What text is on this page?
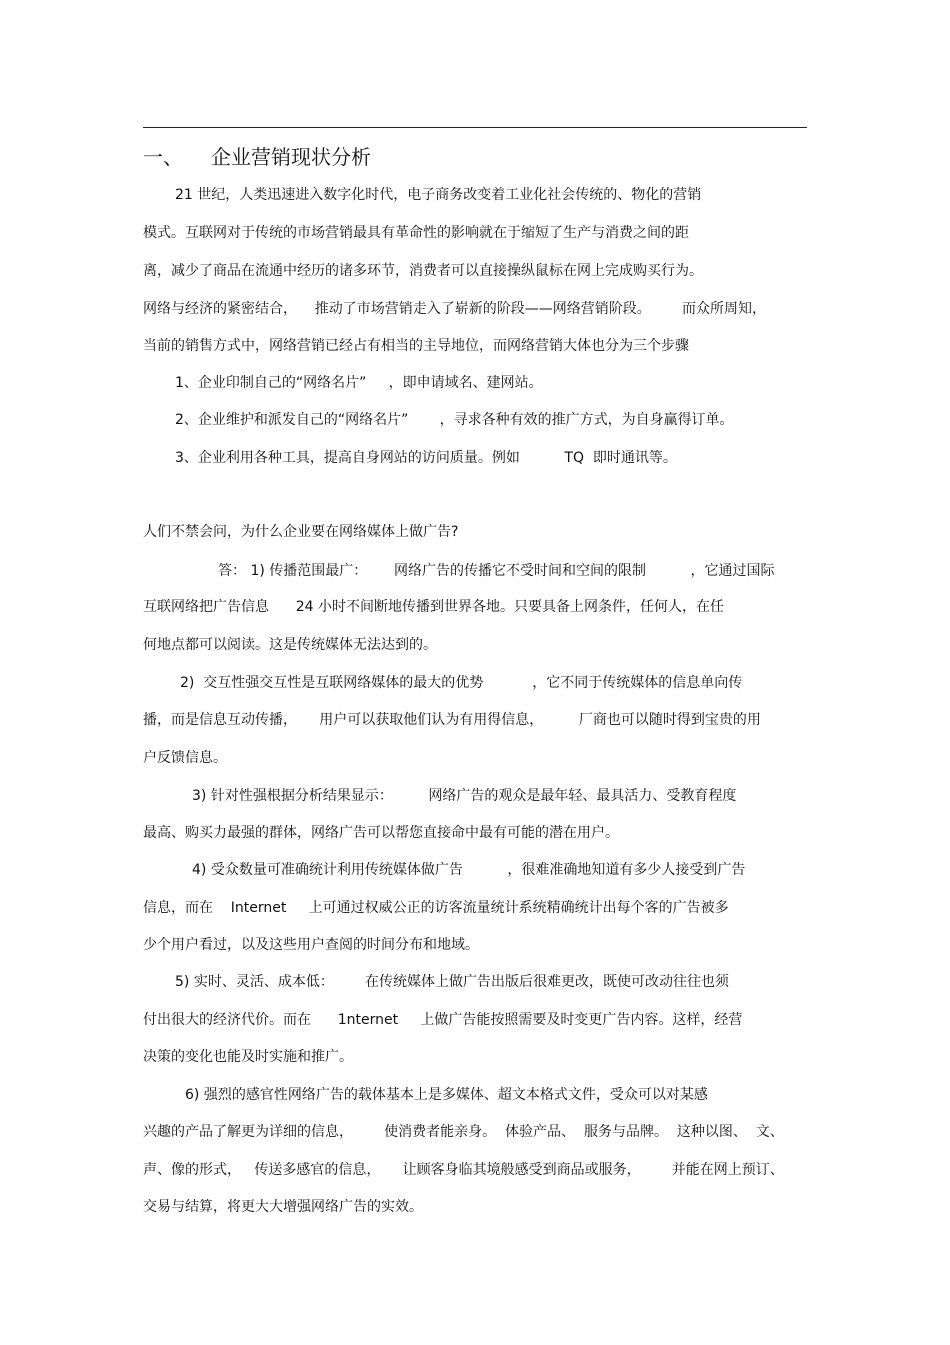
一、 企业营销现状分析
21 世纪，人类迅速进入数字化时代，电子商务改变着工业化社会传统的、物化的营销
模式。互联网对于传统的市场营销最具有革命性的影响就在于缩短了生产与消费之间的距
离，减少了商品在流通中经历的诸多环节，消费者可以直接操纵鼠标在网上完成购买行为。
网络与经济的紧密结合，    推动了市场营销走入了崭新的阶段——网络营销阶段。       而众所周知，
当前的销售方式中，网络营销已经占有相当的主导地位，而网络营销大体也分为三个步骤
1、企业印制自己的“网络名片”     ，即申请域名、建网站。
2、企业维护和派发自己的“网络名片”       ，寻求各种有效的推广方式，为自身赢得订单。
3、企业利用各种工具，提高自身网站的访问质量。例如          TQ  即时通讯等。
人们不禁会问，为什么企业要在网络媒体上做广告?
答： 1) 传播范围最广：      网络广告的传播它不受时间和空间的限制          ，它通过国际
互联网络把广告信息      24 小时不间断地传播到世界各地。只要具备上网条件，任何人，在任
何地点都可以阅读。这是传统媒体无法达到的。
2)  交互性强交互性是互联网络媒体的最大的优势           ，它不同于传统媒体的信息单向传
播，而是信息互动传播，     用户可以获取他们认为有用得信息，        厂商也可以随时得到宝贵的用
户反馈信息。
3) 针对性强根据分析结果显示：        网络广告的观众是最年轻、最具活力、受教育程度
最高、购买力最强的群体，网络广告可以帮您直接命中最有可能的潜在用户。
4) 受众数量可准确统计利用传统媒体做广告          ，很难准确地知道有多少人接受到广告
信息，而在    Internet     上可通过权威公正的访客流量统计系统精确统计出每个客的广告被多
少个用户看过，以及这些用户查阅的时间分布和地域。
5) 实时、灵活、成本低：       在传统媒体上做广告出版后很难更改，既使可改动往往也须
付出很大的经济代价。而在      1nternet     上做广告能按照需要及时变更广告内容。这样，经营
决策的变化也能及时实施和推广。
6) 强烈的感官性网络广告的载体基本上是多媒体、超文本格式文件，受众可以对某感
兴趣的产品了解更为详细的信息，       使消费者能亲身。  体验产品、  服务与品牌。  这种以图、  文、
声、像的形式，   传送多感官的信息，     让顾客身临其境般感受到商品或服务，       并能在网上预订、
交易与结算，将更大大增强网络广告的实效。
